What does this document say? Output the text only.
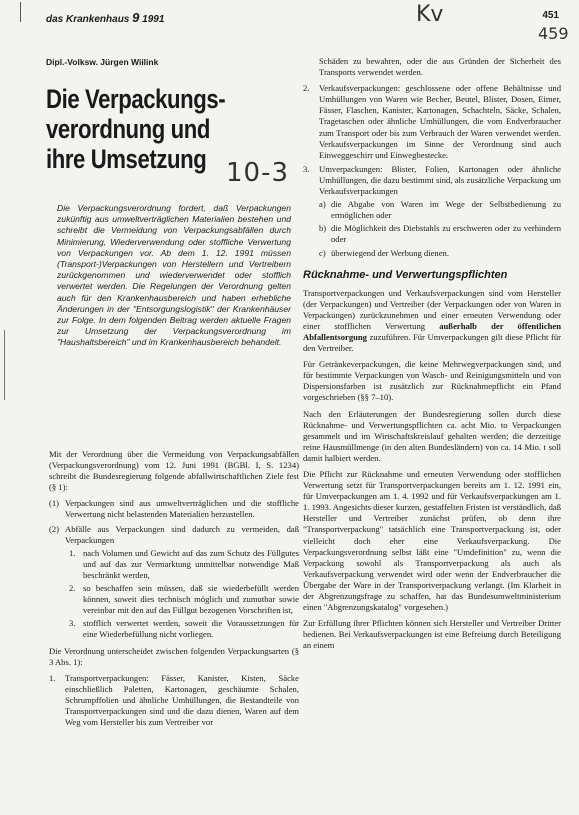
das Krankenhaus 9 1991	451
Kv
459
10-3
Dipl.-Volksw. Jürgen Wiilink
Die Verpackungs-
verordnung und
ihre Umsetzung

Die Verpackungsverordnung fordert, daß Verpackungen zukünftig aus umweltverträglichen Materialien bestehen und schreibt die Vermeidung von Verpackungsabfällen durch Minimierung, Wiederverwendung oder stoffliche Verwertung von Verpackungen vor. Ab dem 1. 12. 1991 müssen (Transport-)Verpackungen von Herstellern und Vertreibern zurückgenommen und wiederverwendet oder stofflich verwertet werden. Die Regelungen der Verordnung gelten auch für den Krankenhausbereich und haben erhebliche Änderungen in der "Entsorgungslogistik" der Krankenhäuser zur Folge. In dem folgenden Beitrag werden aktuelle Fragen zur Umsetzung der Verpackungsverordnung im "Haushaltsbereich" und im Krankenhausbereich behandelt.

Mit der Verordnung über die Vermeidung von Verpackungsabfällen (Verpackungsverordnung) vom 12. Juni 1991 (BGBl. I, S. 1234) schreibt die Bundesregierung folgende abfallwirtschaftlichen Ziele fest (§ 1):

(1) Verpackungen sind aus umweltverträglichen und die stoffliche Verwertung nicht belastenden Materialien herzustellen.
(2) Abfälle aus Verpackungen sind dadurch zu vermeiden, daß Verpackungen
1. nach Volumen und Gewicht auf das zum Schutz des Füllgutes und auf das zur Vermarktung unmittelbar notwendige Maß beschränkt werden,
2. so beschaffen sein müssen, daß sie wiederbefüllt werden können, soweit dies technisch möglich und zumutbar sowie vereinbar mit den auf das Füllgut bezogenen Vorschriften ist,
3. stofflich verwertet werden, soweit die Voraussetzungen für eine Wiederbefüllung nicht vorliegen.

Die Verordnung unterscheidet zwischen folgenden Verpackungsarten (§ 3 Abs. 1):

1. Transportverpackungen: Fässer, Kanister, Kisten, Säcke einschließlich Paletten, Kartonagen, geschäumte Schalen, Schrumpffolien und ähnliche Umhüllungen, die Bestandteile von Transportverpackungen sind und die dazu dienen, Waren auf dem Weg vom Hersteller bis zum Vertreiber vor

Schäden zu bewahren, oder die aus Gründen der Sicherheit des Transports verwendet werden.

2. Verkaufsverpackungen: geschlossene oder offene Behältnisse und Umhüllungen von Waren wie Becher, Beutel, Blister, Dosen, Eimer, Fässer, Flaschen, Kanister, Kartonagen, Schachteln, Säcke, Schalen, Tragetaschen oder ähnliche Umhüllungen, die vom Endverbraucher zum Transport oder bis zum Verbrauch der Waren verwendet werden. Verkaufsverpackungen im Sinne der Verordnung sind auch Einweggeschirr und Einwegbestecke.
3. Umverpackungen: Blister, Folien, Kartonagen oder ähnliche Umhüllungen, die dazu bestimmt sind, als zusätzliche Verpackung um Verkaufsverpackungen
a) die Abgabe von Waren im Wege der Selbstbedienung zu ermöglichen oder
b) die Möglichkeit des Diebstahls zu erschweren oder zu verhindern oder
c) überwiegend der Werbung dienen.
Rücknahme- und Verwertungspflichten

Transportverpackungen und Verkaufsverpackungen sind vom Hersteller (der Verpackungen) und Vertreiber (der Verpackungen oder von Waren in Verpackungen) zurückzunehmen und einer erneuten Verwendung oder einer stofflichen Verwertung außerhalb der öffentlichen Abfallentsorgung zuzuführen. Für Umverpackungen gilt diese Pflicht für den Vertreiber.

Für Getränkeverpackungen, die keine Mehrwegverpackungen sind, und für bestimmte Verpackungen von Wasch- und Reinigungsmitteln und von Dispersionsfarben ist zusätzlich zur Rücknahmepflicht ein Pfand vorgeschrieben (§§ 7–10).

Nach den Erläuterungen der Bundesregierung sollen durch diese Rücknahme- und Verwertungspflichten ca. acht Mio. to Verpackungen gesammelt und im Wirtschaftskreislauf gehalten werden; die derzeitige reine Hausmüllmenge (in den alten Bundesländern) von ca. 14 Mio. t soll damit halbiert werden.

Die Pflicht zur Rücknahme und erneuten Verwendung oder stofflichen Verwertung setzt für Transportverpackungen bereits am 1. 12. 1991 ein, für Umverpackungen am 1. 4. 1992 und für Verkaufsverpackungen am 1. 1. 1993. Angesichts dieser kurzen, gestaffelten Fristen ist verständlich, daß Hersteller und Vertreiber zunächst prüfen, ob denn ihre "Transportverpackung" tatsächlich eine Transportverpackung ist, oder vielleicht doch eher eine Verkaufsverpackung. Die Verpackungsverordnung selbst läßt eine "Umdefinition" zu, wenn die Verpackung sowohl als Transportverpackung als auch als Verkaufsverpackung verwendet wird oder wenn der Endverbraucher die Übergabe der Ware in der Transportverpackung verlangt. (Im Klarheit in der Abgrenzungsfrage zu schaffen, hat das Bundesumweltministerium einen "Abgrenzungskatalog" vorgesehen.)

Zur Erfüllung ihrer Pflichten können sich Hersteller und Vertreiber Dritter bedienen. Bei Verkaufsverpackungen ist eine Befreiung durch Beteiligung an einem
